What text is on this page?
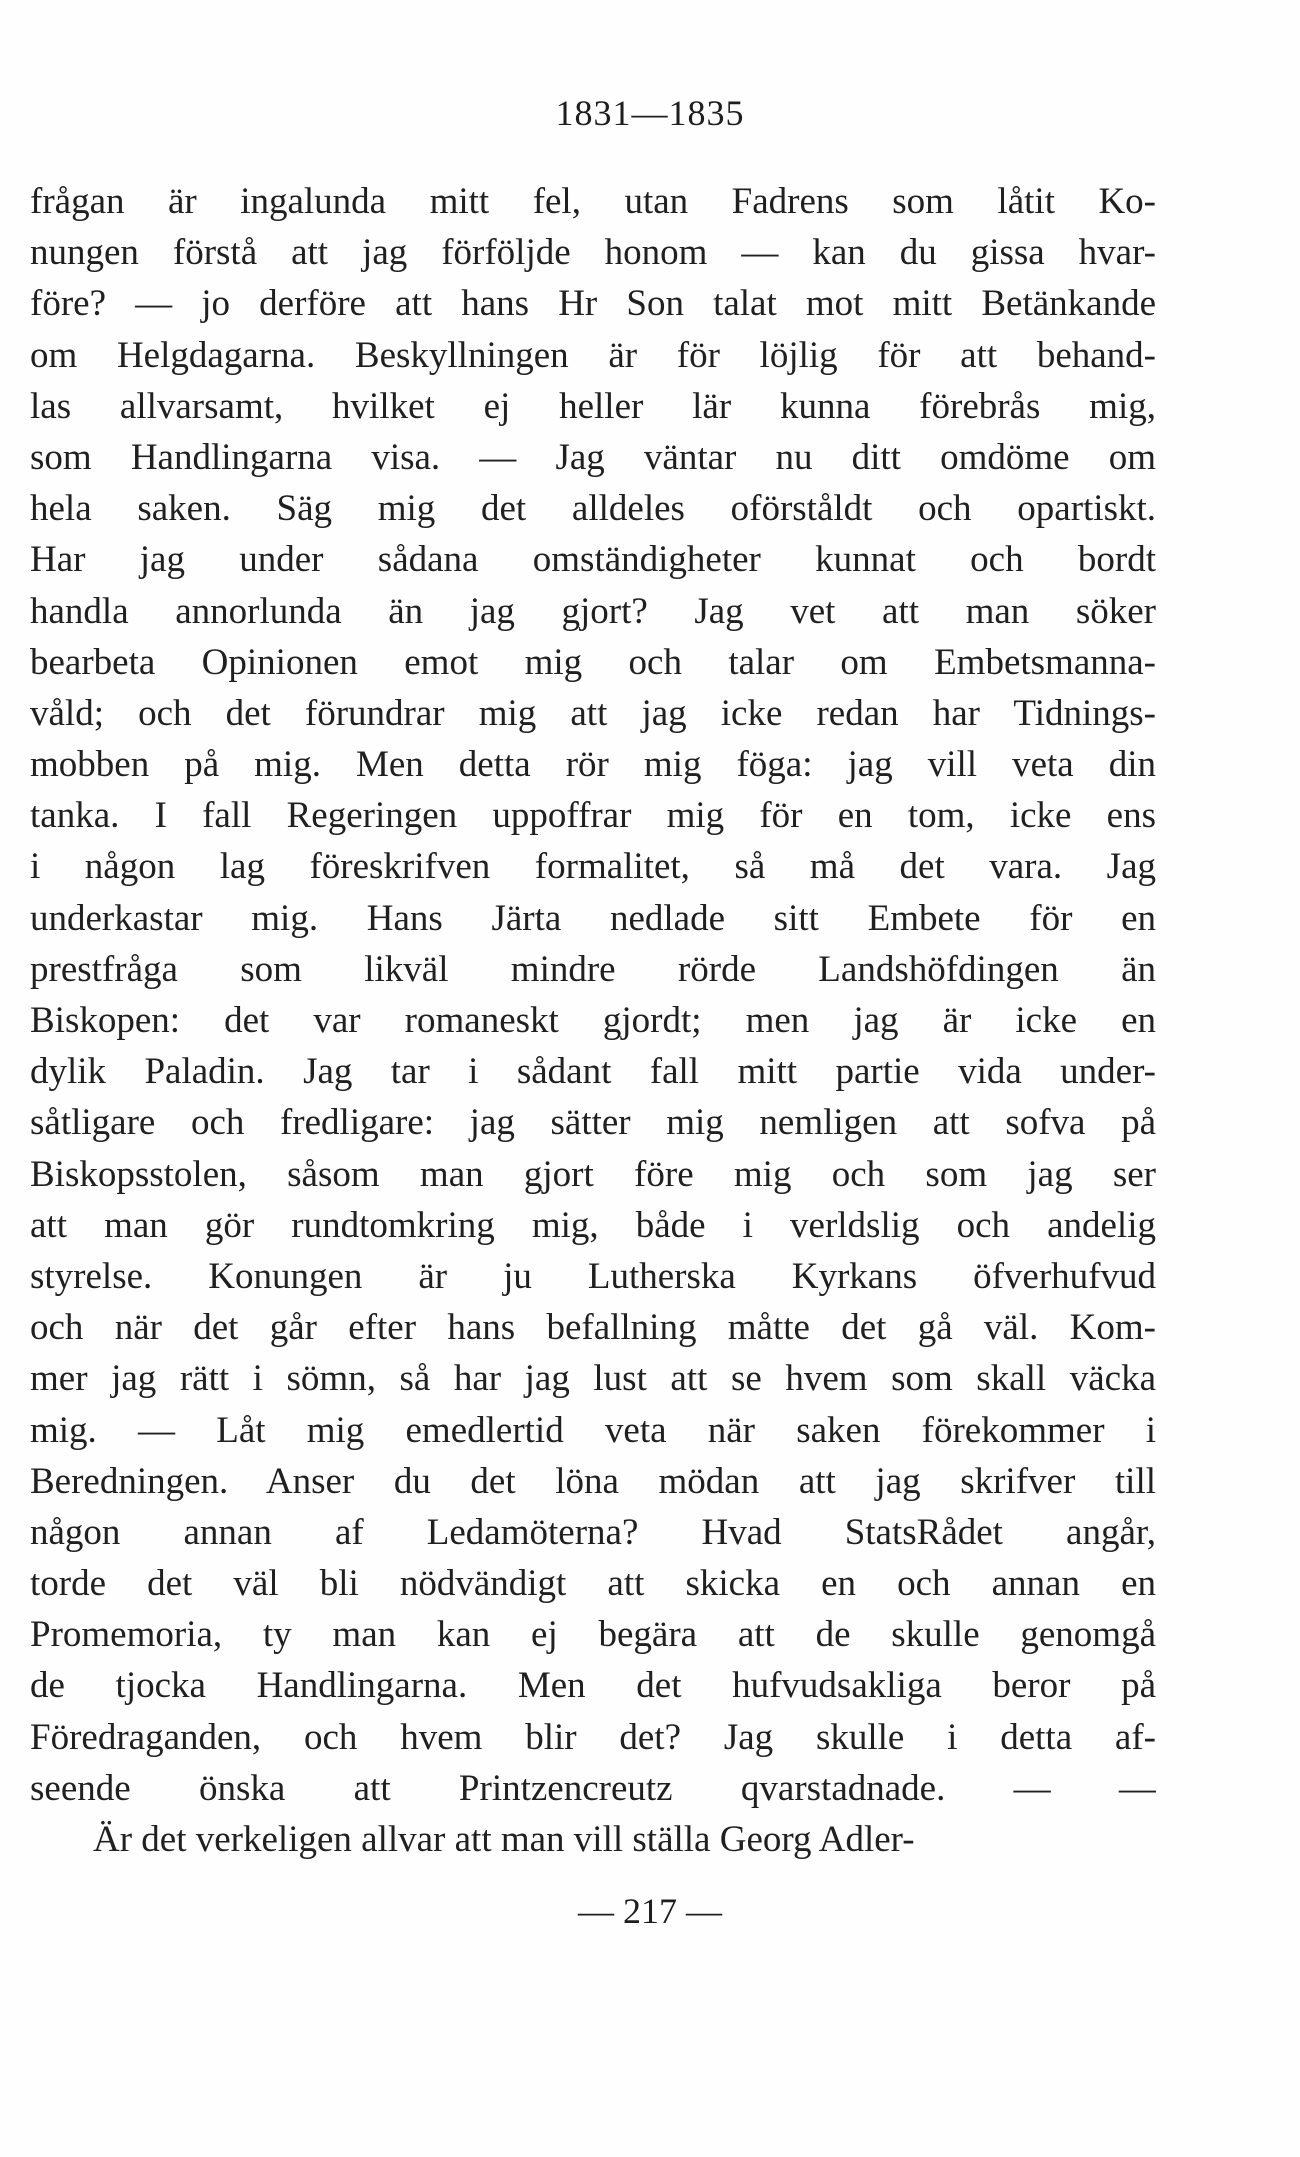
1831—1835
frågan är ingalunda mitt fel, utan Fadrens som låtit Ko-
nungen förstå att jag förföljde honom — kan du gissa hvar-
före? — jo derföre att hans Hr Son talat mot mitt Betänkande
om Helgdagarna. Beskyllningen är för löjlig för att behand-
las allvarsamt, hvilket ej heller lär kunna förebrås mig,
som Handlingarna visa. — Jag väntar nu ditt omdöme om
hela saken. Säg mig det alldeles oförståldt och opartiskt.
Har jag under sådana omständigheter kunnat och bordt
handla annorlunda än jag gjort? Jag vet att man söker
bearbeta Opinionen emot mig och talar om Embetsmanna-
våld; och det förundrar mig att jag icke redan har Tidnings-
mobben på mig. Men detta rör mig föga: jag vill veta din
tanka. I fall Regeringen uppoffrar mig för en tom, icke ens
i någon lag föreskrifven formalitet, så må det vara. Jag
underkastar mig. Hans Järta nedlade sitt Embete för en
prestfråga som likväl mindre rörde Landshöfdingen än
Biskopen: det var romaneskt gjordt; men jag är icke en
dylik Paladin. Jag tar i sådant fall mitt partie vida under-
såtligare och fredligare: jag sätter mig nemligen att sofva på
Biskopsstolen, såsom man gjort före mig och som jag ser
att man gör rundtomkring mig, både i verldslig och andelig
styrelse. Konungen är ju Lutherska Kyrkans öfverhufvud
och när det går efter hans befallning måtte det gå väl. Kom-
mer jag rätt i sömn, så har jag lust att se hvem som skall väcka
mig. — Låt mig emedlertid veta när saken förekommer i
Beredningen. Anser du det löna mödan att jag skrifver till
någon annan af Ledamöterna? Hvad StatsRådet angår,
torde det väl bli nödvändigt att skicka en och annan en
Promemoria, ty man kan ej begära att de skulle genomgå
de tjocka Handlingarna. Men det hufvudsakliga beror på
Föredraganden, och hvem blir det? Jag skulle i detta af-
seende önska att Printzencreutz qvarstadnade. — —
Är det verkeligen allvar att man vill ställa Georg Adler-
— 217 —
